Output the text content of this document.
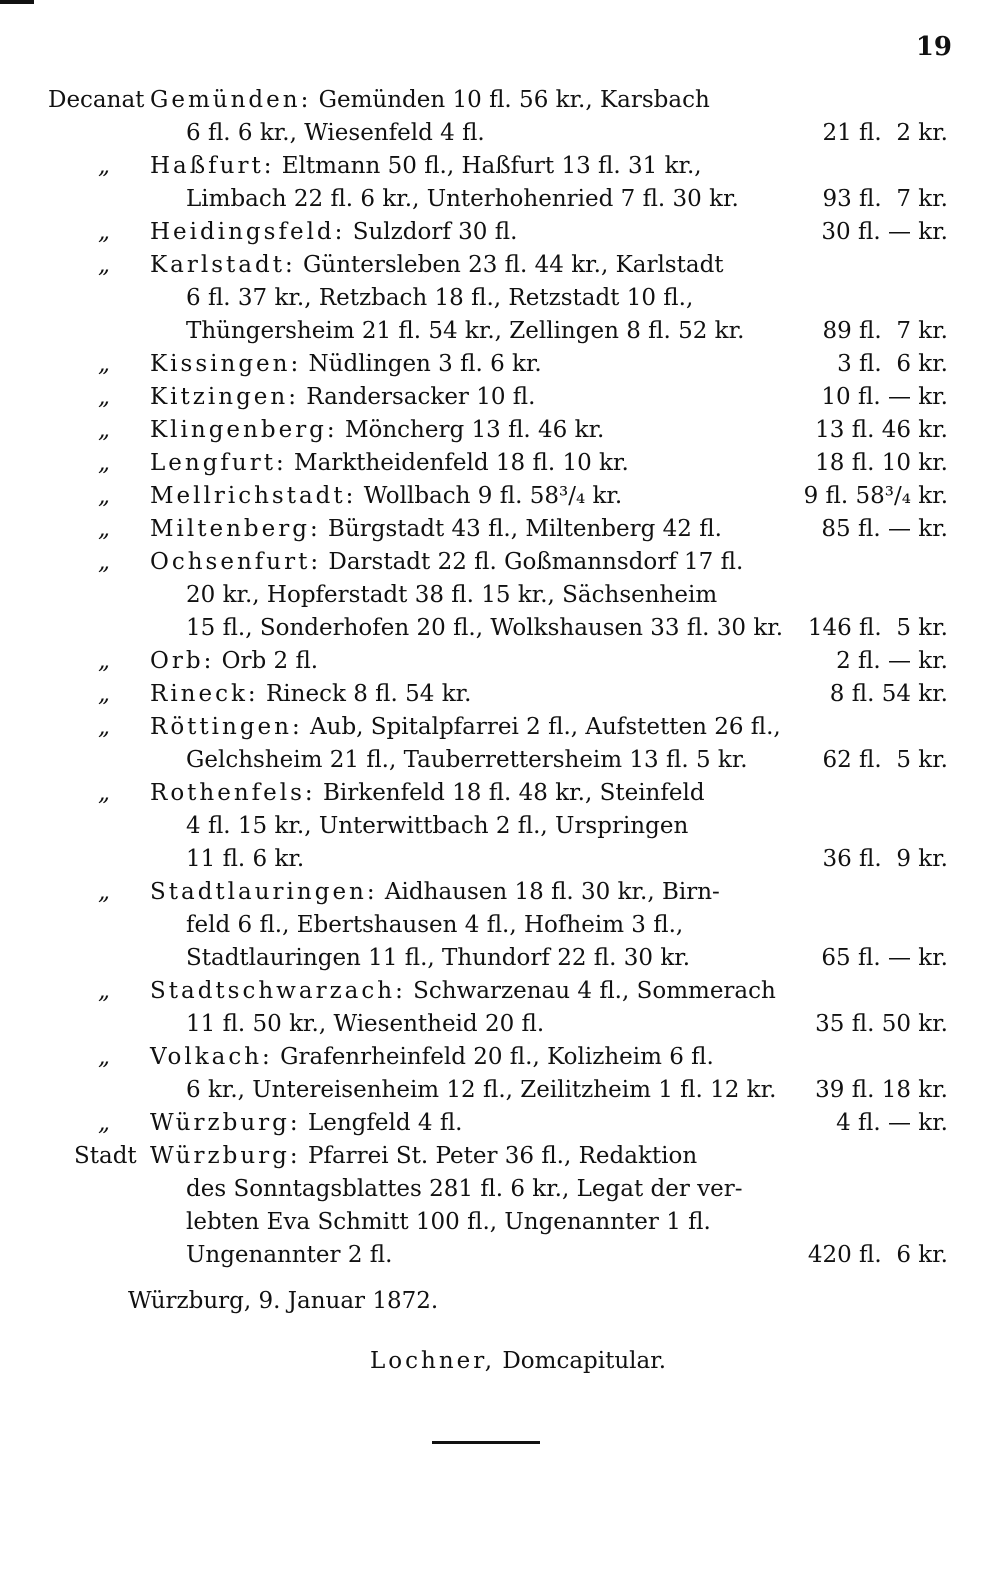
19
Decanat Gemünden: Gemünden 10 fl. 56 kr., Karsbach
6 fl. 6 kr., Wiesenfeld 4 fl.	21 fl.  2 kr.
„ Haßfurt: Eltmann 50 fl., Haßfurt 13 fl. 31 kr.,
Limbach 22 fl. 6 kr., Unterhohenried 7 fl. 30 kr.	93 fl.  7 kr.
„ Heidingsfeld: Sulzdorf 30 fl.	30 fl. — kr.
„ Karlstadt: Güntersleben 23 fl. 44 kr., Karlstadt
6 fl. 37 kr., Retzbach 18 fl., Retzstadt 10 fl.,
Thüngersheim 21 fl. 54 kr., Zellingen 8 fl. 52 kr.	89 fl.  7 kr.
„ Kissingen: Nüdlingen 3 fl. 6 kr.	3 fl.  6 kr.
„ Kitzingen: Randersacker 10 fl.	10 fl. — kr.
„ Klingenberg: Möncherg 13 fl. 46 kr.	13 fl. 46 kr.
„ Lengfurt: Marktheidenfeld 18 fl. 10 kr.	18 fl. 10 kr.
„ Mellrichstadt: Wollbach 9 fl. 58³/₄ kr.	9 fl. 58³/₄ kr.
„ Miltenberg: Bürgstadt 43 fl., Miltenberg 42 fl.	85 fl. — kr.
„ Ochsenfurt: Darstadt 22 fl. Goßmannsdorf 17 fl.
20 kr., Hopferstadt 38 fl. 15 kr., Sächsenheim
15 fl., Sonderhofen 20 fl., Wolkshausen 33 fl. 30 kr.	146 fl.  5 kr.
„ Orb: Orb 2 fl.	2 fl. — kr.
„ Rineck: Rineck 8 fl. 54 kr.	8 fl. 54 kr.
„ Röttingen: Aub, Spitalpfarrei 2 fl., Aufstetten 26 fl.,
Gelchsheim 21 fl., Tauberrettersheim 13 fl. 5 kr.	62 fl.  5 kr.
„ Rothenfels: Birkenfeld 18 fl. 48 kr., Steinfeld
4 fl. 15 kr., Unterwittbach 2 fl., Urspringen
11 fl. 6 kr.	36 fl.  9 kr.
„ Stadtlauringen: Aidhausen 18 fl. 30 kr., Birn-
feld 6 fl., Ebertshausen 4 fl., Hofheim 3 fl.,
Stadtlauringen 11 fl., Thundorf 22 fl. 30 kr.	65 fl. — kr.
„ Stadtschwarzach: Schwarzenau 4 fl., Sommerach
11 fl. 50 kr., Wiesentheid 20 fl.	35 fl. 50 kr.
„ Volkach: Grafenrheinfeld 20 fl., Kolizheim 6 fl.
6 kr., Untereisenheim 12 fl., Zeilitzheim 1 fl. 12 kr.	39 fl. 18 kr.
„ Würzburg: Lengfeld 4 fl.	4 fl. — kr.
Stadt Würzburg: Pfarrei St. Peter 36 fl., Redaktion
des Sonntagsblattes 281 fl. 6 kr., Legat der ver-
lebten Eva Schmitt 100 fl., Ungenannter 1 fl.
Ungenannter 2 fl.	420 fl.  6 kr.
Würzburg, 9. Januar 1872.
Lochner, Domcapitular.
